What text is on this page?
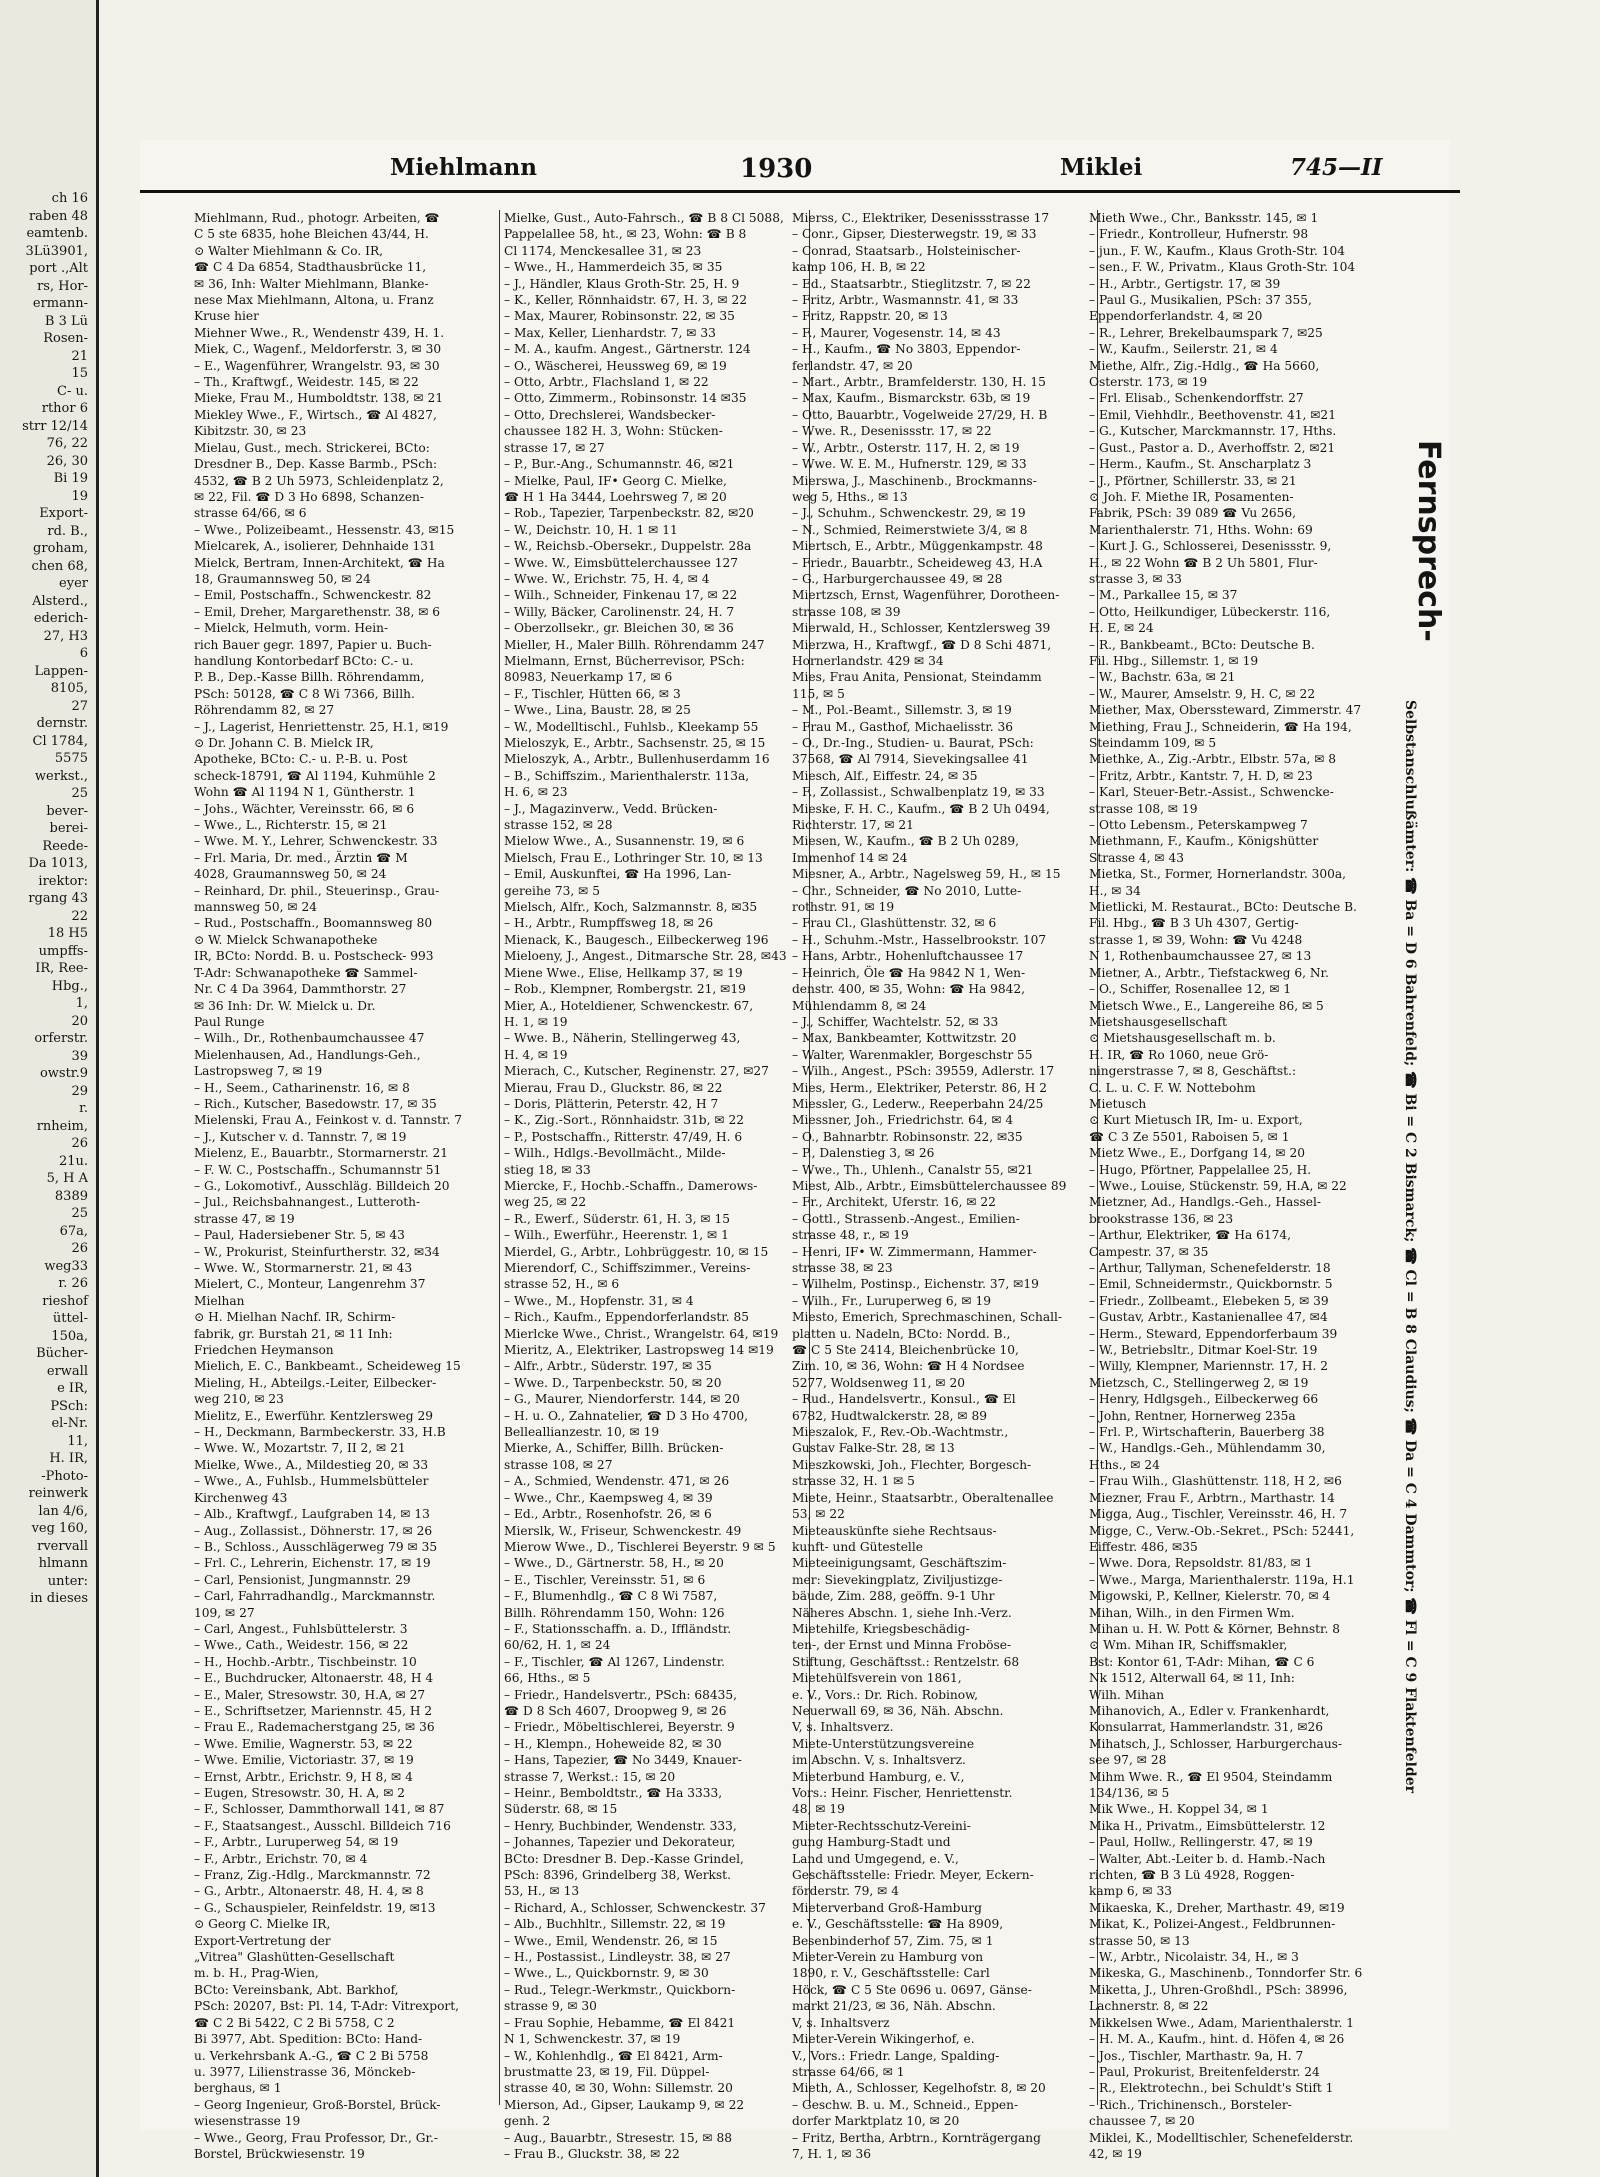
ch 16
raben 48
eamtenb.
3Lü3901,
port .,Alt
rs, Hor-
ermann-
B 3 Lü
Rosen-
21
15
C- u.
rthor 6
strr 12/14
76, 22
26, 30
Bi 19
19
Export-
rd. B.,
groham,
chen 68,
eyer
Alsterd.,
ederich-
27, H3
6
Lappen-
8105,
27
dernstr.
Cl 1784,
5575
werkst.,
25
bever-
berei-
Reede-
Da 1013,
irektor:
rgang 43
22
18 H5
umpffs-
IR, Ree-
Hbg.,
1,
20
orferstr.
39
owstr.9
29
r.
rnheim,
26
21u.
5, H A
8389
25
67a,
26
weg33
r. 26
rieshof
üttel-
150a,
Bücher-
erwall
e IR,
PSch:
el-Nr.
11,
H. IR,
-Photo-
reinwerk
lan 4/6,
veg 160,
rvervall
hlmann
unter:
in dieses
Miehlmann	1930	Miklei	745—II
Miehlmann, Rud., photogr. Arbeiten, ☎
C 5 ste 6835, hohe Bleichen 43/44, H.
⊙ Walter Miehlmann & Co. IR,
☎ C 4 Da 6854, Stadthausbrücke 11,
✉ 36, Inh: Walter Miehlmann, Blanke-
nese Max Miehlmann, Altona, u. Franz
Kruse hier
Miehner Wwe., R., Wendenstr 439, H. 1.
Miek, C., Wagenf., Meldorferstr. 3, ✉ 30
– E., Wagenführer, Wrangelstr. 93, ✉ 30
– Th., Kraftwgf., Weidestr. 145, ✉ 22
Mieke, Frau M., Humboldtstr. 138, ✉ 21
Miekley Wwe., F., Wirtsch., ☎ Al 4827,
Kibitzstr. 30, ✉ 23
Mielau, Gust., mech. Strickerei, BCto:
Dresdner B., Dep. Kasse Barmb., PSch:
4532, ☎ B 2 Uh 5973, Schleidenplatz 2,
✉ 22, Fil. ☎ D 3 Ho 6898, Schanzen-
strasse 64/66, ✉ 6
– Wwe., Polizeibeamt., Hessenstr. 43, ✉15
Mielcarek, A., isolierer, Dehnhaide 131
Mielck, Bertram, Innen-Architekt, ☎ Ha
18, Graumannsweg 50, ✉ 24
– Emil, Postschaffn., Schwenckestr. 82
– Emil, Dreher, Margarethenstr. 38, ✉ 6
– Mielck, Helmuth, vorm. Hein-
rich Bauer gegr. 1897, Papier u. Buch-
handlung Kontorbedarf BCto: C.- u.
P. B., Dep.-Kasse Billh. Röhrendamm,
PSch: 50128, ☎ C 8 Wi 7366, Billh.
Röhrendamm 82, ✉ 27
– J., Lagerist, Henriettenstr. 25, H.1, ✉19
⊙ Dr. Johann C. B. Mielck IR,
Apotheke, BCto: C.- u. P.-B. u. Post
scheck-18791, ☎ Al 1194, Kuhmühle 2
Wohn ☎ Al 1194 N 1, Güntherstr. 1
– Johs., Wächter, Vereinsstr. 66, ✉ 6
– Wwe., L., Richterstr. 15, ✉ 21
– Wwe. M. Y., Lehrer, Schwenckestr. 33
– Frl. Maria, Dr. med., Ärztin ☎ M
4028, Graumannsweg 50, ✉ 24
– Reinhard, Dr. phil., Steuerinsp., Grau-
mannsweg 50, ✉ 24
– Rud., Postschaffn., Boomannsweg 80
⊙ W. Mielck Schwanapotheke
IR, BCto: Nordd. B. u. Postscheck- 993
T-Adr: Schwanapotheke ☎ Sammel-
Nr. C 4 Da 3964, Dammthorstr. 27
✉ 36 Inh: Dr. W. Mielck u. Dr.
Paul Runge
– Wilh., Dr., Rothenbaumchaussee 47
Mielenhausen, Ad., Handlungs-Geh.,
Lastropsweg 7, ✉ 19
– H., Seem., Catharinenstr. 16, ✉ 8
– Rich., Kutscher, Basedowstr. 17, ✉ 35
Mielenski, Frau A., Feinkost v. d. Tannstr. 7
– J., Kutscher v. d. Tannstr. 7, ✉ 19
Mielenz, E., Bauarbtr., Stormarnerstr. 21
– F. W. C., Postschaffn., Schumannstr 51
– G., Lokomotivf., Ausschläg. Billdeich 20
– Jul., Reichsbahnangest., Lutteroth-
strasse 47, ✉ 19
– Paul, Hadersiebener Str. 5, ✉ 43
– W., Prokurist, Steinfurtherstr. 32, ✉34
– Wwe. W., Stormarnerstr. 21, ✉ 43
Mielert, C., Monteur, Langenrehm 37
Mielhan
⊙ H. Mielhan Nachf. IR, Schirm-
fabrik, gr. Burstah 21, ✉ 11 Inh:
Friedchen Heymanson
Mielich, E. C., Bankbeamt., Scheideweg 15
Mieling, H., Abteilgs.-Leiter, Eilbecker-
weg 210, ✉ 23
Mielitz, E., Ewerführ. Kentzlersweg 29
– H., Deckmann, Barmbeckerstr. 33, H.B
– Wwe. W., Mozartstr. 7, II 2, ✉ 21
Mielke, Wwe., A., Mildestieg 20, ✉ 33
– Wwe., A., Fuhlsb., Hummelsbütteler
Kirchenweg 43
– Alb., Kraftwgf., Laufgraben 14, ✉ 13
– Aug., Zollassist., Döhnerstr. 17, ✉ 26
– B., Schloss., Ausschlägerweg 79 ✉ 35
– Frl. C., Lehrerin, Eichenstr. 17, ✉ 19
– Carl, Pensionist, Jungmannstr. 29
– Carl, Fahrradhandlg., Marckmannstr.
109, ✉ 27
– Carl, Angest., Fuhlsbüttelerstr. 3
– Wwe., Cath., Weidestr. 156, ✉ 22
– H., Hochb.-Arbtr., Tischbeinstr. 10
– E., Buchdrucker, Altonaerstr. 48, H 4
– E., Maler, Stresowstr. 30, H.A, ✉ 27
– E., Schriftsetzer, Mariennstr. 45, H 2
– Frau E., Rademacherstgang 25, ✉ 36
– Wwe. Emilie, Wagnerstr. 53, ✉ 22
– Wwe. Emilie, Victoriastr. 37, ✉ 19
– Ernst, Arbtr., Erichstr. 9, H 8, ✉ 4
– Eugen, Stresowstr. 30, H. A, ✉ 2
– F., Schlosser, Dammthorwall 141, ✉ 87
– F., Staatsangest., Ausschl. Billdeich 716
– F., Arbtr., Luruperweg 54, ✉ 19
– F., Arbtr., Erichstr. 70, ✉ 4
– Franz, Zig.-Hdlg., Marckmannstr. 72
– G., Arbtr., Altonaerstr. 48, H. 4, ✉ 8
– G., Schauspieler, Reinfeldstr. 19, ✉13
⊙ Georg C. Mielke IR,
Export-Vertretung der
„Vitrea" Glashütten-Gesellschaft
m. b. H., Prag-Wien,
BCto: Vereinsbank, Abt. Barkhof,
PSch: 20207, Bst: Pl. 14, T-Adr: Vitrexport,
☎ C 2 Bi 5422, C 2 Bi 5758, C 2
Bi 3977, Abt. Spedition: BCto: Hand-
u. Verkehrsbank A.-G., ☎ C 2 Bi 5758
u. 3977, Lilienstrasse 36, Mönckeb-
berghaus, ✉ 1
– Georg Ingenieur, Groß-Borstel, Brück-
wiesenstrasse 19
– Wwe., Georg, Frau Professor, Dr., Gr.-
Borstel, Brückwiesenstr. 19
Mielke, Gust., Auto-Fahrsch., ☎ B 8 Cl 5088,
Pappelallee 58, ht., ✉ 23, Wohn: ☎ B 8
Cl 1174, Menckesallee 31, ✉ 23
– Wwe., H., Hammerdeich 35, ✉ 35
– J., Händler, Klaus Groth-Str. 25, H. 9
– K., Keller, Rönnhaidstr. 67, H. 3, ✉ 22
– Max, Maurer, Robinsonstr. 22, ✉ 35
– Max, Keller, Lienhardstr. 7, ✉ 33
– M. A., kaufm. Angest., Gärtnerstr. 124
– O., Wäscherei, Heussweg 69, ✉ 19
– Otto, Arbtr., Flachsland 1, ✉ 22
– Otto, Zimmerm., Robinsonstr. 14 ✉35
– Otto, Drechslerei, Wandsbecker-
chaussee 182 H. 3, Wohn: Stücken-
strasse 17, ✉ 27
– P., Bur.-Ang., Schumannstr. 46, ✉21
– Mielke, Paul, IF• Georg C. Mielke,
☎ H 1 Ha 3444, Loehrsweg 7, ✉ 20
– Rob., Tapezier, Tarpenbeckstr. 82, ✉20
– W., Deichstr. 10, H. 1 ✉ 11
– W., Reichsb.-Obersekr., Duppelstr. 28a
– Wwe. W., Eimsbüttelerchaussee 127
– Wwe. W., Erichstr. 75, H. 4, ✉ 4
– Wilh., Schneider, Finkenau 17, ✉ 22
– Willy, Bäcker, Carolinenstr. 24, H. 7
– Oberzollsekr., gr. Bleichen 30, ✉ 36
Mieller, H., Maler Billh. Röhrendamm 247
Mielmann, Ernst, Bücherrevisor, PSch:
80983, Neuerkamp 17, ✉ 6
– F., Tischler, Hütten 66, ✉ 3
– Wwe., Lina, Baustr. 28, ✉ 25
– W., Modelltischl., Fuhlsb., Kleekamp 55
Mieloszyk, E., Arbtr., Sachsenstr. 25, ✉ 15
Mieloszyk, A., Arbtr., Bullenhuserdamm 16
– B., Schiffszim., Marienthalerstr. 113a,
H. 6, ✉ 23
– J., Magazinverw., Vedd. Brücken-
strasse 152, ✉ 28
Mielow Wwe., A., Susannenstr. 19, ✉ 6
Mielsch, Frau E., Lothringer Str. 10, ✉ 13
– Emil, Auskunftei, ☎ Ha 1996, Lan-
gereihe 73, ✉ 5
Mielsch, Alfr., Koch, Salzmannstr. 8, ✉35
– H., Arbtr., Rumpffsweg 18, ✉ 26
Mienack, K., Baugesch., Eilbeckerweg 196
Mieloeny, J., Angest., Ditmarsche Str. 28, ✉43
Miene Wwe., Elise, Hellkamp 37, ✉ 19
– Rob., Klempner, Rombergstr. 21, ✉19
Mier, A., Hoteldiener, Schwenckestr. 67,
H. 1, ✉ 19
– Wwe. B., Näherin, Stellingerweg 43,
H. 4, ✉ 19
Mierach, C., Kutscher, Reginenstr. 27, ✉27
Mierau, Frau D., Gluckstr. 86, ✉ 22
– Doris, Plätterin, Peterstr. 42, H 7
– K., Zig.-Sort., Rönnhaidstr. 31b, ✉ 22
– P., Postschaffn., Ritterstr. 47/49, H. 6
– Wilh., Hdlgs.-Bevollmächt., Milde-
stieg 18, ✉ 33
Miercke, F., Hochb.-Schaffn., Damerows-
weg 25, ✉ 22
– R., Ewerf., Süderstr. 61, H. 3, ✉ 15
– Wilh., Ewerführ., Heerenstr. 1, ✉ 1
Mierdel, G., Arbtr., Lohbrüggestr. 10, ✉ 15
Mierendorf, C., Schiffszimmer., Vereins-
strasse 52, H., ✉ 6
– Wwe., M., Hopfenstr. 31, ✉ 4
– Rich., Kaufm., Eppendorferlandstr. 85
Mierlcke Wwe., Christ., Wrangelstr. 64, ✉19
Mieritz, A., Elektriker, Lastropsweg 14 ✉19
– Alfr., Arbtr., Süderstr. 197, ✉ 35
– Wwe. D., Tarpenbeckstr. 50, ✉ 20
– G., Maurer, Niendorferstr. 144, ✉ 20
– H. u. O., Zahnatelier, ☎ D 3 Ho 4700,
Belleallianzestr. 10, ✉ 19
Mierke, A., Schiffer, Billh. Brücken-
strasse 108, ✉ 27
– A., Schmied, Wendenstr. 471, ✉ 26
– Wwe., Chr., Kaempsweg 4, ✉ 39
– Ed., Arbtr., Rosenhofstr. 26, ✉ 6
Mierslk, W., Friseur, Schwenckestr. 49
Mierow Wwe., D., Tischlerei Beyerstr. 9 ✉ 5
– Wwe., D., Gärtnerstr. 58, H., ✉ 20
– E., Tischler, Vereinsstr. 51, ✉ 6
– F., Blumenhdlg., ☎ C 8 Wi 7587,
Billh. Röhrendamm 150, Wohn: 126
– F., Stationsschaffn. a. D., Iffländstr.
60/62, H. 1, ✉ 24
– F., Tischler, ☎ Al 1267, Lindenstr.
66, Hths., ✉ 5
– Friedr., Handelsvertr., PSch: 68435,
☎ D 8 Sch 4607, Droopweg 9, ✉ 26
– Friedr., Möbeltischlerei, Beyerstr. 9
– H., Klempn., Hoheweide 82, ✉ 30
– Hans, Tapezier, ☎ No 3449, Knauer-
strasse 7, Werkst.: 15, ✉ 20
– Heinr., Bemboldtstr., ☎ Ha 3333,
Süderstr. 68, ✉ 15
– Henry, Buchbinder, Wendenstr. 333,
– Johannes, Tapezier und Dekorateur,
BCto: Dresdner B. Dep.-Kasse Grindel,
PSch: 8396, Grindelberg 38, Werkst.
53, H., ✉ 13
– Richard, A., Schlosser, Schwenckestr. 37
– Alb., Buchhltr., Sillemstr. 22, ✉ 19
– Wwe., Emil, Wendenstr. 26, ✉ 15
– H., Postassist., Lindleystr. 38, ✉ 27
– Wwe., L., Quickbornstr. 9, ✉ 30
– Rud., Telegr.-Werkmstr., Quickborn-
strasse 9, ✉ 30
– Frau Sophie, Hebamme, ☎ El 8421
N 1, Schwenckestr. 37, ✉ 19
– W., Kohlenhdlg., ☎ El 8421, Arm-
brustmatte 23, ✉ 19, Fil. Düppel-
strasse 40, ✉ 30, Wohn: Sillemstr. 20
Mierson, Ad., Gipser, Laukamp 9, ✉ 22
genh. 2
– Aug., Bauarbtr., Stresestr. 15, ✉ 88
– Frau B., Gluckstr. 38, ✉ 22
Mierss, C., Elektriker, Desenissstrasse 17
– Conr., Gipser, Diesterwegstr. 19, ✉ 33
– Conrad, Staatsarb., Holsteinischer-
kamp 106, H. B, ✉ 22
– Ed., Staatsarbtr., Stieglitzstr. 7, ✉ 22
– Fritz, Arbtr., Wasmannstr. 41, ✉ 33
– Fritz, Rappstr. 20, ✉ 13
– F., Maurer, Vogesenstr. 14, ✉ 43
– H., Kaufm., ☎ No 3803, Eppendor-
ferlandstr. 47, ✉ 20
– Mart., Arbtr., Bramfelderstr. 130, H. 15
– Max, Kaufm., Bismarckstr. 63b, ✉ 19
– Otto, Bauarbtr., Vogelweide 27/29, H. B
– Wwe. R., Desenissstr. 17, ✉ 22
– W., Arbtr., Osterstr. 117, H. 2, ✉ 19
– Wwe. W. E. M., Hufnerstr. 129, ✉ 33
Mierswa, J., Maschinenb., Brockmanns-
weg 5, Hths., ✉ 13
– J., Schuhm., Schwenckestr. 29, ✉ 19
– N., Schmied, Reimerstwiete 3/4, ✉ 8
Miertsch, E., Arbtr., Müggenkampstr. 48
– Friedr., Bauarbtr., Scheideweg 43, H.A
– G., Harburgerchaussee 49, ✉ 28
Miertzsch, Ernst, Wagenführer, Dorotheen-
strasse 108, ✉ 39
Mierwald, H., Schlosser, Kentzlersweg 39
Mierzwa, H., Kraftwgf., ☎ D 8 Schi 4871,
Hornerlandstr. 429 ✉ 34
Mies, Frau Anita, Pensionat, Steindamm
115, ✉ 5
– M., Pol.-Beamt., Sillemstr. 3, ✉ 19
– Frau M., Gasthof, Michaelisstr. 36
– O., Dr.-Ing., Studien- u. Baurat, PSch:
37568, ☎ Al 7914, Sievekingsallee 41
Miesch, Alf., Eiffestr. 24, ✉ 35
– F., Zollassist., Schwalbenplatz 19, ✉ 33
Mieske, F. H. C., Kaufm., ☎ B 2 Uh 0494,
Richterstr. 17, ✉ 21
Miesen, W., Kaufm., ☎ B 2 Uh 0289,
Immenhof 14 ✉ 24
Miesner, A., Arbtr., Nagelsweg 59, H., ✉ 15
– Chr., Schneider, ☎ No 2010, Lutte-
rothstr. 91, ✉ 19
– Frau Cl., Glashüttenstr. 32, ✉ 6
– H., Schuhm.-Mstr., Hasselbrookstr. 107
– Hans, Arbtr., Hohenluftchaussee 17
– Heinrich, Öle ☎ Ha 9842 N 1, Wen-
denstr. 400, ✉ 35, Wohn: ☎ Ha 9842,
Mühlendamm 8, ✉ 24
– J., Schiffer, Wachtelstr. 52, ✉ 33
– Max, Bankbeamter, Kottwitzstr. 20
– Walter, Warenmakler, Borgeschstr 55
– Wilh., Angest., PSch: 39559, Adlerstr. 17
Mies, Herm., Elektriker, Peterstr. 86, H 2
Miessler, G., Lederw., Reeperbahn 24/25
Miessner, Joh., Friedrichstr. 64, ✉ 4
– O., Bahnarbtr. Robinsonstr. 22, ✉35
– P., Dalenstieg 3, ✉ 26
– Wwe., Th., Uhlenh., Canalstr 55, ✉21
Miest, Alb., Arbtr., Eimsbüttelerchaussee 89
– Fr., Architekt, Uferstr. 16, ✉ 22
– Gottl., Strassenb.-Angest., Emilien-
strasse 48, r., ✉ 19
– Henri, IF• W. Zimmermann, Hammer-
strasse 38, ✉ 23
– Wilhelm, Postinsp., Eichenstr. 37, ✉19
– Wilh., Fr., Luruperweg 6, ✉ 19
Miesto, Emerich, Sprechmaschinen, Schall-
platten u. Nadeln, BCto: Nordd. B.,
☎ C 5 Ste 2414, Bleichenbrücke 10,
Zim. 10, ✉ 36, Wohn: ☎ H 4 Nordsee
5277, Woldsenweg 11, ✉ 20
– Rud., Handelsvertr., Konsul., ☎ El
6782, Hudtwalckerstr. 28, ✉ 89
Mieszalok, F., Rev.-Ob.-Wachtmstr.,
Gustav Falke-Str. 28, ✉ 13
Mieszkowski, Joh., Flechter, Borgesch-
strasse 32, H. 1 ✉ 5
Miete, Heinr., Staatsarbtr., Oberaltenallee
53, ✉ 22
Mieteauskünfte siehe Rechtsaus-
kunft- und Gütestelle
Mieteeinigungsamt, Geschäftszim-
mer: Sievekingplatz, Ziviljustizge-
bäude, Zim. 288, geöffn. 9-1 Uhr
Näheres Abschn. 1, siehe Inh.-Verz.
Mietehilfe, Kriegsbeschädig-
ten-, der Ernst und Minna Froböse-
Stiftung, Geschäftsst.: Rentzelstr. 68
Mietehülfsverein von 1861,
e. V., Vors.: Dr. Rich. Robinow,
Neuerwall 69, ✉ 36, Näh. Abschn.
V, s. Inhaltsverz.
Miete-Unterstützungsvereine
im Abschn. V, s. Inhaltsverz.
Mieterbund Hamburg, e. V.,
Vors.: Heinr. Fischer, Henriettenstr.
48, ✉ 19
Mieter-Rechtsschutz-Vereini-
gung Hamburg-Stadt und
Land und Umgegend, e. V.,
Geschäftsstelle: Friedr. Meyer, Eckern-
förderstr. 79, ✉ 4
Mieterverband Groß-Hamburg
e. V., Geschäftsstelle: ☎ Ha 8909,
Besenbinderhof 57, Zim. 75, ✉ 1
Mieter-Verein zu Hamburg von
1890, r. V., Geschäftsstelle: Carl
Höck, ☎ C 5 Ste 0696 u. 0697, Gänse-
markt 21/23, ✉ 36, Näh. Abschn.
V, s. Inhaltsverz
Mieter-Verein Wikingerhof, e.
V., Vors.: Friedr. Lange, Spalding-
strasse 64/66, ✉ 1
Mieth, A., Schlosser, Kegelhofstr. 8, ✉ 20
– Geschw. B. u. M., Schneid., Eppen-
dorfer Marktplatz 10, ✉ 20
– Fritz, Bertha, Arbtrn., Kornträgergang
7, H. 1, ✉ 36
Mieth Wwe., Chr., Banksstr. 145, ✉ 1
– Friedr., Kontrolleur, Hufnerstr. 98
– jun., F. W., Kaufm., Klaus Groth-Str. 104
– sen., F. W., Privatm., Klaus Groth-Str. 104
– H., Arbtr., Gertigstr. 17, ✉ 39
– Paul G., Musikalien, PSch: 37 355,
Eppendorferlandstr. 4, ✉ 20
– R., Lehrer, Brekelbaumspark 7, ✉25
– W., Kaufm., Seilerstr. 21, ✉ 4
Miethe, Alfr., Zig.-Hdlg., ☎ Ha 5660,
Osterstr. 173, ✉ 19
– Frl. Elisab., Schenkendorffstr. 27
– Emil, Viehhdlr., Beethovenstr. 41, ✉21
– G., Kutscher, Marckmannstr. 17, Hths.
– Gust., Pastor a. D., Averhoffstr. 2, ✉21
– Herm., Kaufm., St. Anscharplatz 3
– J., Pförtner, Schillerstr. 33, ✉ 21
⊙ Joh. F. Miethe IR, Posamenten-
Fabrik, PSch: 39 089 ☎ Vu 2656,
Marienthalerstr. 71, Hths. Wohn: 69
– Kurt J. G., Schlosserei, Desenissstr. 9,
H., ✉ 22 Wohn ☎ B 2 Uh 5801, Flur-
strasse 3, ✉ 33
– M., Parkallee 15, ✉ 37
– Otto, Heilkundiger, Lübeckerstr. 116,
H. E, ✉ 24
– R., Bankbeamt., BCto: Deutsche B.
Fil. Hbg., Sillemstr. 1, ✉ 19
– W., Bachstr. 63a, ✉ 21
– W., Maurer, Amselstr. 9, H. C, ✉ 22
Miether, Max, Oberssteward, Zimmerstr. 47
Miething, Frau J., Schneiderin, ☎ Ha 194,
Steindamm 109, ✉ 5
Miethke, A., Zig.-Arbtr., Elbstr. 57a, ✉ 8
– Fritz, Arbtr., Kantstr. 7, H. D, ✉ 23
– Karl, Steuer-Betr.-Assist., Schwencke-
strasse 108, ✉ 19
– Otto Lebensm., Peterskampweg 7
Miethmann, F., Kaufm., Königshütter
Strasse 4, ✉ 43
Mietka, St., Former, Hornerlandstr. 300a,
H., ✉ 34
Mietlicki, M. Restaurat., BCto: Deutsche B.
Fil. Hbg., ☎ B 3 Uh 4307, Gertig-
strasse 1, ✉ 39, Wohn: ☎ Vu 4248
N 1, Rothenbaumchaussee 27, ✉ 13
Mietner, A., Arbtr., Tiefstackweg 6, Nr.
– O., Schiffer, Rosenallee 12, ✉ 1
Mietsch Wwe., E., Langereihe 86, ✉ 5
Mietshausgesellschaft
⊙ Mietshausgesellschaft m. b.
H. IR, ☎ Ro 1060, neue Grö-
ningerstrasse 7, ✉ 8, Geschäftst.:
C. L. u. C. F. W. Nottebohm
Mietusch
⊙ Kurt Mietusch IR, Im- u. Export,
☎ C 3 Ze 5501, Raboisen 5, ✉ 1
Mietz Wwe., E., Dorfgang 14, ✉ 20
– Hugo, Pförtner, Pappelallee 25, H.
– Wwe., Louise, Stückenstr. 59, H.A, ✉ 22
Mietzner, Ad., Handlgs.-Geh., Hassel-
brookstrasse 136, ✉ 23
– Arthur, Elektriker, ☎ Ha 6174,
Campestr. 37, ✉ 35
– Arthur, Tallyman, Schenefelderstr. 18
– Emil, Schneidermstr., Quickbornstr. 5
– Friedr., Zollbeamt., Elebeken 5, ✉ 39
– Gustav, Arbtr., Kastanienallee 47, ✉4
– Herm., Steward, Eppendorferbaum 39
– W., Betriebsltr., Ditmar Koel-Str. 19
– Willy, Klempner, Mariennstr. 17, H. 2
Mietzsch, C., Stellingerweg 2, ✉ 19
– Henry, Hdlgsgeh., Eilbeckerweg 66
– John, Rentner, Hornerweg 235a
– Frl. P., Wirtschafterin, Bauerberg 38
– W., Handlgs.-Geh., Mühlendamm 30,
Hths., ✉ 24
– Frau Wilh., Glashüttenstr. 118, H 2, ✉6
Miezner, Frau F., Arbtrn., Marthastr. 14
Migga, Aug., Tischler, Vereinsstr. 46, H. 7
Migge, C., Verw.-Ob.-Sekret., PSch: 52441,
Eiffestr. 486, ✉35
– Wwe. Dora, Repsoldstr. 81/83, ✉ 1
– Wwe., Marga, Marienthalerstr. 119a, H.1
Migowski, P., Kellner, Kielerstr. 70, ✉ 4
Mihan, Wilh., in den Firmen Wm.
Mihan u. H. W. Pott & Körner, Behnstr. 8
⊙ Wm. Mihan IR, Schiffsmakler,
Bst: Kontor 61, T-Adr: Mihan, ☎ C 6
Nk 1512, Alterwall 64, ✉ 11, Inh:
Wilh. Mihan
Mihanovich, A., Edler v. Frankenhardt,
Konsularrat, Hammerlandstr. 31, ✉26
Mihatsch, J., Schlosser, Harburgerchaus-
see 97, ✉ 28
Mihm Wwe. R., ☎ El 9504, Steindamm
134/136, ✉ 5
Mik Wwe., H. Koppel 34, ✉ 1
Mika H., Privatm., Eimsbüttelerstr. 12
– Paul, Hollw., Rellingerstr. 47, ✉ 19
– Walter, Abt.-Leiter b. d. Hamb.-Nach
richten, ☎ B 3 Lü 4928, Roggen-
kamp 6, ✉ 33
Mikaeska, K., Dreher, Marthastr. 49, ✉19
Mikat, K., Polizei-Angest., Feldbrunnen-
strasse 50, ✉ 13
– W., Arbtr., Nicolaistr. 34, H., ✉ 3
Mikeska, G., Maschinenb., Tonndorfer Str. 6
Miketta, J., Uhren-Großhdl., PSch: 38996,
Lachnerstr. 8, ✉ 22
Mikkelsen Wwe., Adam, Marienthalerstr. 1
– H. M. A., Kaufm., hint. d. Höfen 4, ✉ 26
– Jos., Tischler, Marthastr. 9a, H. 7
– Paul, Prokurist, Breitenfelderstr. 24
– R., Elektrotechn., bei Schuldt's Stift 1
– Rich., Trichinensch., Borsteler-
chaussee 7, ✉ 20
Miklei, K., Modelltischler, Schenefelderstr.
42, ✉ 19
Fernsprech-
Selbstanschlußämter: ☎ Ba = D 6 Bahrenfeld; ☎ Bi = C 2 Bismarck; ☎ Cl = B 8 Claudius; ☎ Da = C 4 Dammtor; ☎ Fl = C 9 Flaktenfelder
